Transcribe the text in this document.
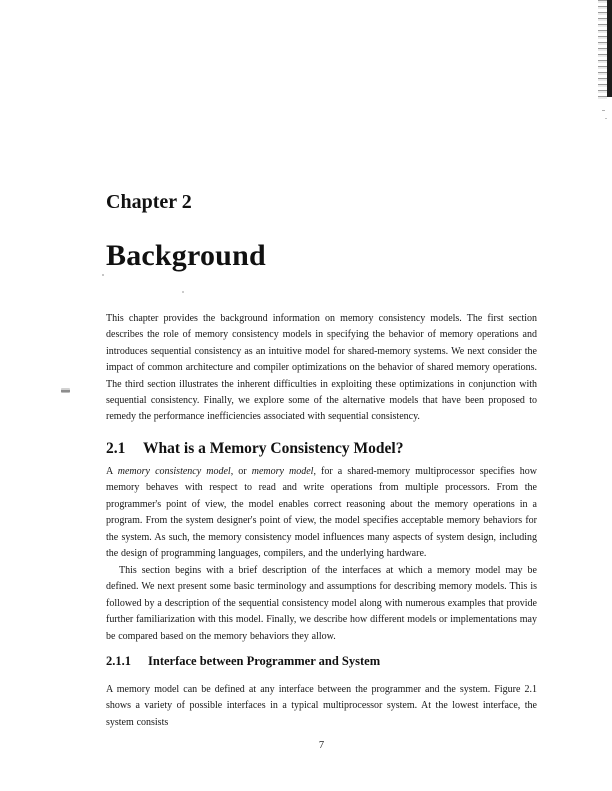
Chapter 2
Background
This chapter provides the background information on memory consistency models. The first section describes the role of memory consistency models in specifying the behavior of memory operations and introduces sequential consistency as an intuitive model for shared-memory systems. We next consider the impact of common architecture and compiler optimizations on the behavior of shared memory operations. The third section illustrates the inherent difficulties in exploiting these optimizations in conjunction with sequential consistency. Finally, we explore some of the alternative models that have been proposed to remedy the performance inefficiencies associated with sequential consistency.
2.1 What is a Memory Consistency Model?
A memory consistency model, or memory model, for a shared-memory multiprocessor specifies how memory behaves with respect to read and write operations from multiple processors. From the programmer's point of view, the model enables correct reasoning about the memory operations in a program. From the system designer's point of view, the model specifies acceptable memory behaviors for the system. As such, the memory consistency model influences many aspects of system design, including the design of programming languages, compilers, and the underlying hardware.
This section begins with a brief description of the interfaces at which a memory model may be defined. We next present some basic terminology and assumptions for describing memory models. This is followed by a description of the sequential consistency model along with numerous examples that provide further familiarization with this model. Finally, we describe how different models or implementations may be compared based on the memory behaviors they allow.
2.1.1 Interface between Programmer and System
A memory model can be defined at any interface between the programmer and the system. Figure 2.1 shows a variety of possible interfaces in a typical multiprocessor system. At the lowest interface, the system consists
7
